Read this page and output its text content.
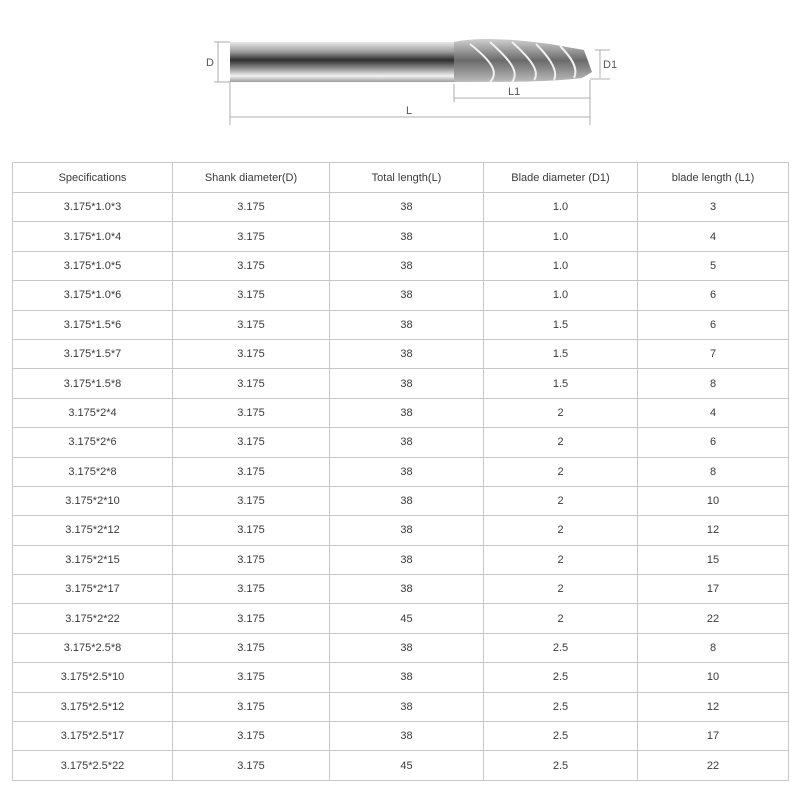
D	D1
L1
L
Specifications	Shank diameter(D)	Total length(L)	Blade diameter (D1)	blade length (L1)
3.175*1.0*3	3.175	38	1.0	3
3.175*1.0*4	3.175	38	1.0	4
3.175*1.0*5	3.175	38	1.0	5
3.175*1.0*6	3.175	38	1.0	6
3.175*1.5*6	3.175	38	1.5	6
3.175*1.5*7	3.175	38	1.5	7
3.175*1.5*8	3.175	38	1.5	8
3.175*2*4	3.175	38	2	4
3.175*2*6	3.175	38	2	6
3.175*2*8	3.175	38	2	8
3.175*2*10	3.175	38	2	10
3.175*2*12	3.175	38	2	12
3.175*2*15	3.175	38	2	15
3.175*2*17	3.175	38	2	17
3.175*2*22	3.175	45	2	22
3.175*2.5*8	3.175	38	2.5	8
3.175*2.5*10	3.175	38	2.5	10
3.175*2.5*12	3.175	38	2.5	12
3.175*2.5*17	3.175	38	2.5	17
3.175*2.5*22	3.175	45	2.5	22
